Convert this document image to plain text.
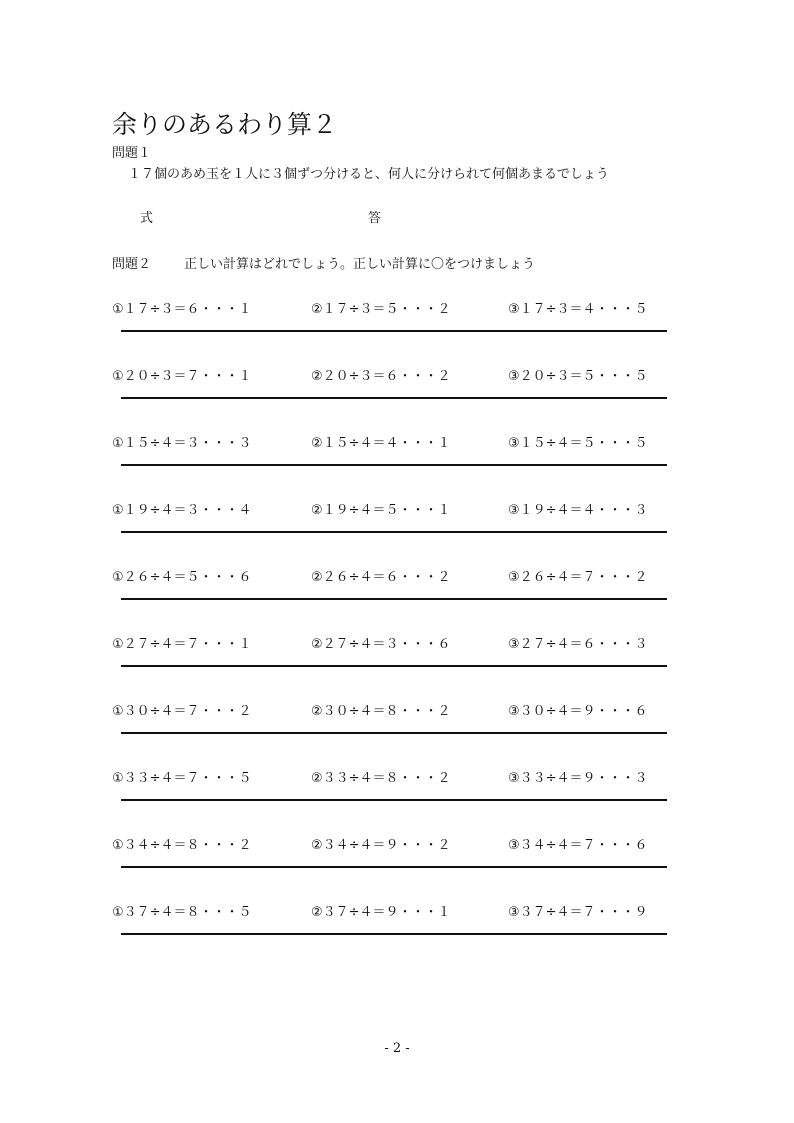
余りのあるわり算２
問題１
１７個のあめ玉を１人に３個ずつ分けると、何人に分けられて何個あまるでしょう
式	答
問題２	正しい計算はどれでしょう。正しい計算に〇をつけましょう
①１７÷３＝６・・・１	②１７÷３＝５・・・２	③１７÷３＝４・・・５
①２０÷３＝７・・・１	②２０÷３＝６・・・２	③２０÷３＝５・・・５
①１５÷４＝３・・・３	②１５÷４＝４・・・１	③１５÷４＝５・・・５
①１９÷４＝３・・・４	②１９÷４＝５・・・１	③１９÷４＝４・・・３
①２６÷４＝５・・・６	②２６÷４＝６・・・２	③２６÷４＝７・・・２
①２７÷４＝７・・・１	②２７÷４＝３・・・６	③２７÷４＝６・・・３
①３０÷４＝７・・・２	②３０÷４＝８・・・２	③３０÷４＝９・・・６
①３３÷４＝７・・・５	②３３÷４＝８・・・２	③３３÷４＝９・・・３
①３４÷４＝８・・・２	②３４÷４＝９・・・２	③３４÷４＝７・・・６
①３７÷４＝８・・・５	②３７÷４＝９・・・１	③３７÷４＝７・・・９
- 2 -
